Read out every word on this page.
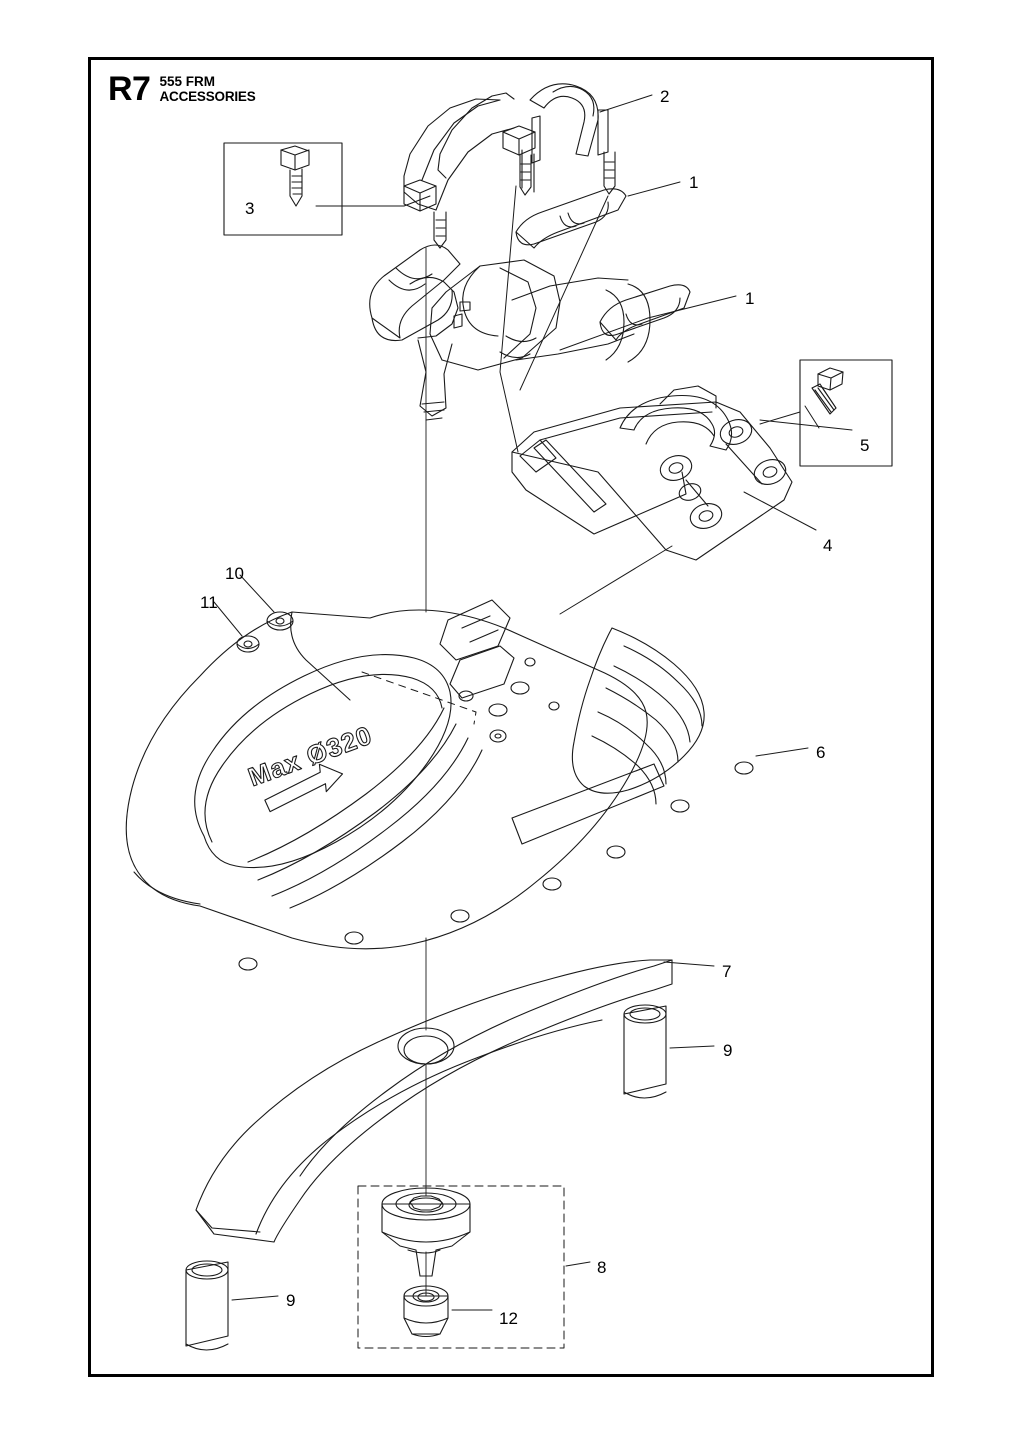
R7 555 FRM
ACCESSORIES
Max Ø320
2
1
3
1
5
4
10
11
6
7
9
8
9
12
